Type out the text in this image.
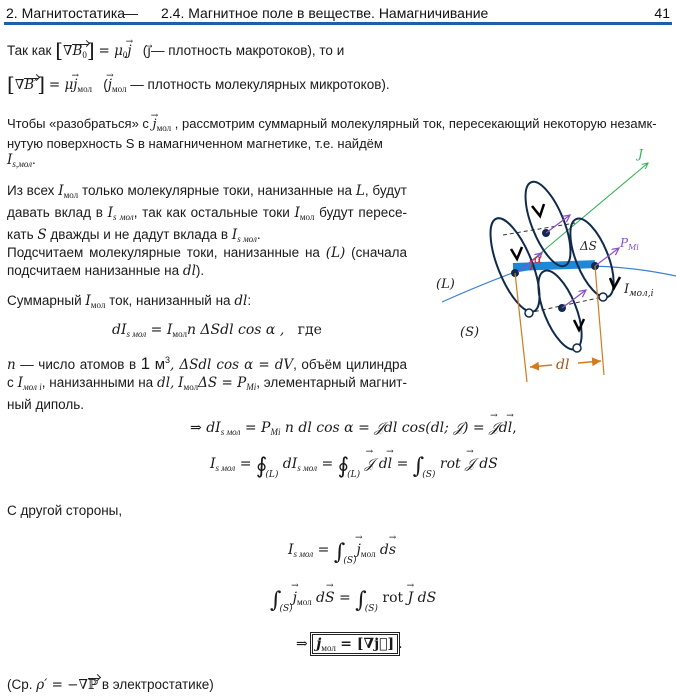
2. Магнитостатика
— 2.4. Магнитное поле в веществе. Намагничивание	41
Так как $[\nabla B_0] = \mu_0\to j$ (j⃗— плотность макротоков), то и
$[\nabla B'] = \mu\to j_{мол}$ (→ $j_{мол}$ — плотность молекулярных микротоков).
Чтобы «разобраться» $с \to j_{мол}$ , рассмотрим суммарный молекулярный ток, пересекающий некоторую незамк-
нутую поверхность S в намагниченном магнетике, т.е. найдём
$I_{s,мол}$.
Из всех $I_{мол}$ только молекулярные токи, нанизанные на L, будут давать вклад в $I_{s мол}$, так как остальные токи $I_{мол}$ будут пересе-кать S дважды и не дадут вклада в $I_{s мол}$.
Подсчитаем молекулярные токи, нанизанные на (L) (сначала подсчитаем нанизанные на dl).
Суммарный $I_{мол}$ ток, нанизанный на dl:
$dI_{s мол} = I_{мол}n$ ΔSdl cos α , где
n — число атомов в 1 $м^3$, ΔSdl cos α = dV, объём цилиндра с $I_{мол i}$, нанизанными на dl, $I_{мол}\Delta S = P_{Mi}$, элементарный магнит-ный диполь.
⇒ $dI_{s мол} = P_{Mi}$ n dl cos α = 𝒥dl cos(dl; 𝒥) = → 𝒥d→ l,
$I_{s мол}$ = $∮_{(L)}$ $dI_{s мол}$ = $∮_{(L)}$ → 𝒥 $d\to l = \int_{(S)}$ rot → 𝒥 dS
С другой стороны,
$I_{s мол} = \int_{(S)}\to j_{мол}$ d→ s
$\int_{(S)}\to j_{мол}$ $d\to S = \int_{(S)}$ rot → J dS
⇒ $j_{мол}$ = [∇j⃗] .
(Ср. ρ′ = −∇ℙ в электростатике)
J
α
ΔS $P_{Mi}$
$I_{мол,i}$
(L)
(S)
dl
